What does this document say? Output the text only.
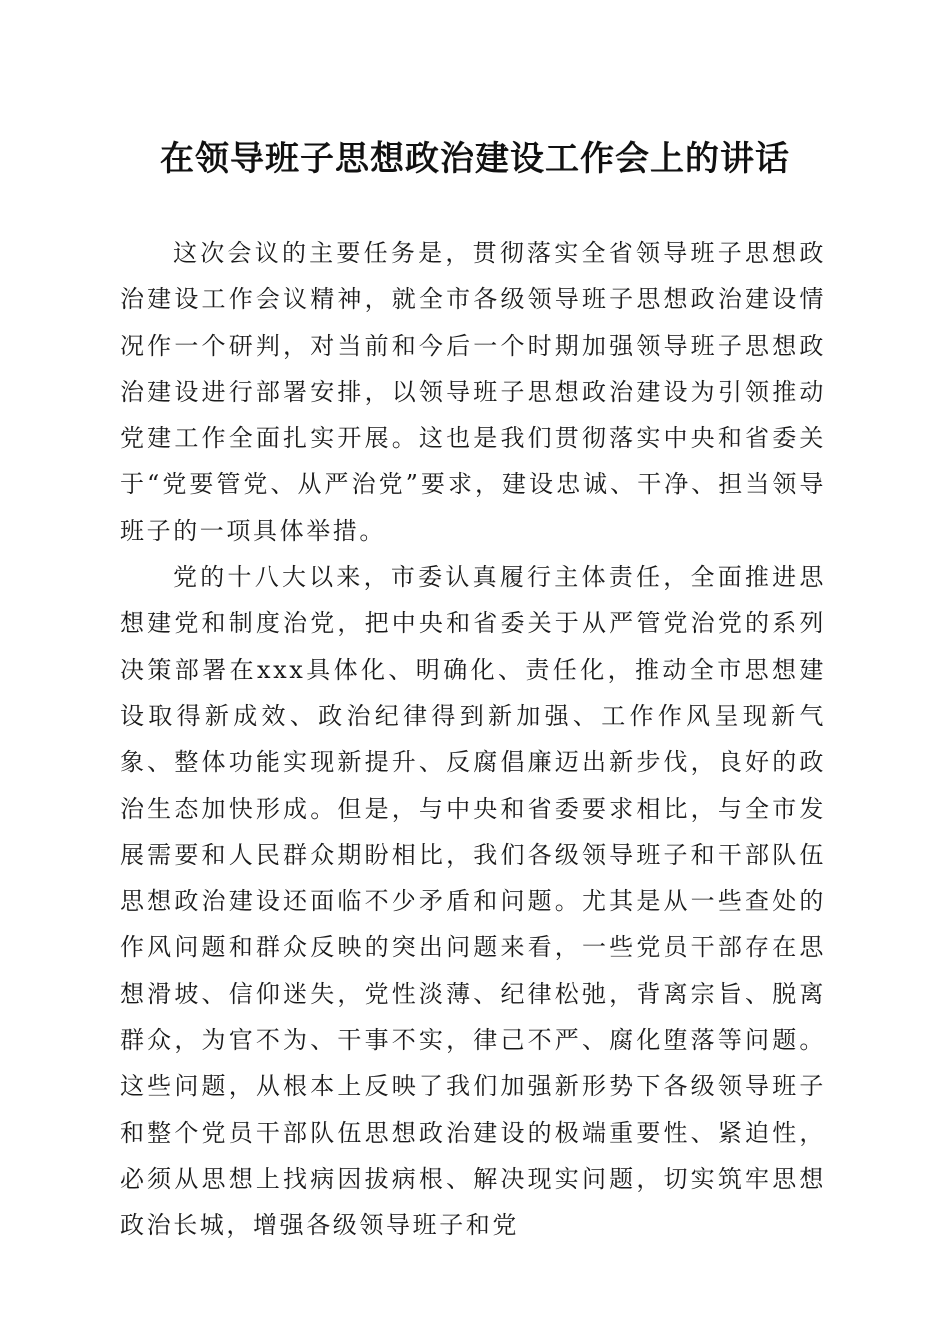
在领导班子思想政治建设工作会上的讲话

这次会议的主要任务是，贯彻落实全省领导班子思想政治建设工作会议精神，就全市各级领导班子思想政治建设情况作一个研判，对当前和今后一个时期加强领导班子思想政治建设进行部署安排，以领导班子思想政治建设为引领推动党建工作全面扎实开展。这也是我们贯彻落实中央和省委关于“党要管党、从严治党”要求，建设忠诚、干净、担当领导班子的一项具体举措。

党的十八大以来，市委认真履行主体责任，全面推进思想建党和制度治党，把中央和省委关于从严管党治党的系列决策部署在xxx具体化、明确化、责任化，推动全市思想建设取得新成效、政治纪律得到新加强、工作作风呈现新气象、整体功能实现新提升、反腐倡廉迈出新步伐，良好的政治生态加快形成。但是，与中央和省委要求相比，与全市发展需要和人民群众期盼相比，我们各级领导班子和干部队伍思想政治建设还面临不少矛盾和问题。尤其是从一些查处的作风问题和群众反映的突出问题来看，一些党员干部存在思想滑坡、信仰迷失，党性淡薄、纪律松弛，背离宗旨、脱离群众，为官不为、干事不实，律己不严、腐化堕落等问题。这些问题，从根本上反映了我们加强新形势下各级领导班子和整个党员干部队伍思想政治建设的极端重要性、紧迫性，必须从思想上找病因拔病根、解决现实问题，切实筑牢思想政治长城，增强各级领导班子和党
